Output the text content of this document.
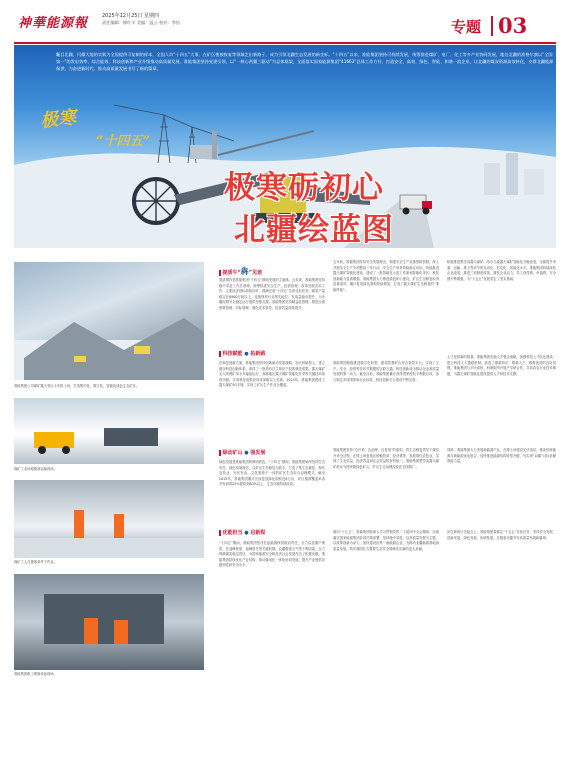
神華能源報	2025年12月25日 星期四
责任编辑：柳红羊 美编：温云 校对：李怡	专题 03
瞩目北疆，闪耀大地的实践为全国提供可复制的样本，全国人均“十四五”大事，在矿区植被恢复等领域走出新路子，成为引领北疆生态发展的新坐标。“十四五”以来，准能集团坚持可持续发展，统筹推进煤矿、电厂、化工等多产业协同发展，地处北疆的准格尔旗以“全国第一”的发电效率、综合能效、科技创新和产业升级推动高质量发展。准能集团坚持党建引领，以“一核心两翼三驱动”为总体框架，全面落实国家能源集团“41663”总体工作方针，打造安全、高效、绿色、智能、和谐一流企业，让北疆的煤炭资源高效转化，支撑北疆能源保供，为奋进新时代、推动高质量发展书写了新的篇章。
极寒
“十四五”
极寒砺初心
北疆绘蓝图
提质牛“犇”见迹
准能集团公司煤矿露天采区卡车排土场，打造集约化、数字化、智能化绿色生态矿区。
煤矿工业场地极寒运输现场。
煤矿工人在极寒条件下作业。
准能集团职工维修设备现场。
提质增效是准能集团“十四五”期间发展的主旋律。五年来，准能集团坚持稳中求进工作总基调，统筹推进安全生产、经营管理、改革发展各项工作，主要经济指标持续向好，圆满完成“十四五”各项目标任务。煤炭产量稳定在6900万吨以上，连续保持行业领先地位；发电量稳步提升，为北疆电网安全稳定运行提供坚强支撑。准能集团坚持精益化管理，推进全面预算管理、对标管理，强化成本管控，经营效益持续提升。
五年间，准能集团坚持安全发展理念，构建安全生产双重预防机制，深入开展安全生产专项整治三年行动，安全生产形势持续稳定向好。持续推进露天煤矿智能化建设，建成了一批智能化示范工作面和智能化采区，科技创新能力显著增强。准能集团大力推进绿色矿山建设，矿区生态修复取得显著成效，累计复垦绿化面积持续增加，打造了露天煤矿生态修复的“准能样板”。
积极推进黑岱沟露天煤矿、哈尔乌素露天煤矿智能化升级改造，全面提升采剥、运输、排土等环节的自动化、信息化、智能化水平。准能集团持续深化企业改革，推进三项制度改革，激发企业活力，员工获得感、幸福感、安全感不断增强，为“十五五”发展奠定了坚实基础。
科技赋能 ● 拓新路
在科技创新方面，准能集团坚持创新驱动发展战略，加大科研投入，建立健全科技创新体系，取得了一批具有自主知识产权的科技成果。露天煤矿无人驾驶矿用卡车编组运行、高寒地区露天煤矿智能化开采等关键技术取得突破，多项科技成果获得省部级以上奖励。2025年，准能集团建成了露天煤矿5G专网，实现了矿区生产作业全覆盖。
准能集团积极推进数字化转型，建设智慧矿山综合管控平台，实现了生产、安全、经营等各环节数据的互联互通。科技创新成为推动企业高质量发展的第一动力。截至目前，准能集团累计获得国家授权专利数百项，参与制定多项国家和行业标准，科技创新平台建设不断完善。
人才是创新的根基。准能集团实施人才强企战略，加强科技人才队伍建设，建立科技人才激励机制，营造了尊重知识、尊重人才、尊重创造的良好氛围。准能集团与多所高校、科研院所开展产学研合作，共同攻克行业技术难题，为露天煤矿智能化建设提供人才和技术支撑。
绿动矿山 ● 强发展
绿色发展是准能集团的鲜明底色。“十四五”期间，准能集团始终坚持生态优先、绿色发展理念，以矿区生态修复为抓手，打造了集生态修复、现代农牧业、光伏发电、文化旅游于一体的矿区生态综合治理模式。截至2025年，准能集团累计完成复垦绿化面积近8万亩，矿区植被覆盖率由开发前的25%提高到80%以上，生态环境持续改善。
准能集团坚持“边开采、边治理、边复垦”的原则，将生态修复贯穿于煤炭开采全过程。在排土场复垦区种植牧草、经济林等，发展现代农牧业，实现了生态效益、经济效益和社会效益的有机统一。准能集团黑岱沟露天煤矿被评为国家级绿色矿山，矿区生态治理经验在全国推广。
同时，准能集团大力发展新能源产业，在排土场建设光伏电站，推动传统能源与新能源优化组合，加快推进能源结构转型升级，为实现“双碳”目标贡献准能力量。
优能担当 ● 启新程
“十四五”期间，准能集团坚决扛起能源保供政治责任，全力以赴增产保供，在迎峰度夏、迎峰度冬等关键时期，克服极寒天气等不利因素，全力保障煤炭稳定供应，为国家能源安全和经济社会发展作出了积极贡献。准能集团持续优化产业结构，推动煤电化一体化协同发展，提升产业链供应链韧性和安全水平。
面向“十五五”，准能集团将深入学习贯彻党的二十届四中全会精神，全面落实国家能源集团各项决策部署，坚持稳中求进，以高质量发展为主题，以改革创新为动力，加快建设世界一流能源企业，为推动北疆能源基地高质量发展、筑牢我国北方重要生态安全屏障作出新的更大贡献。
站在新的历史起点上，准能集团将锚定“十五五”目标任务，坚持安全发展、创新发展、绿色发展、协调发展，在极寒北疆书写高质量发展新篇章。
